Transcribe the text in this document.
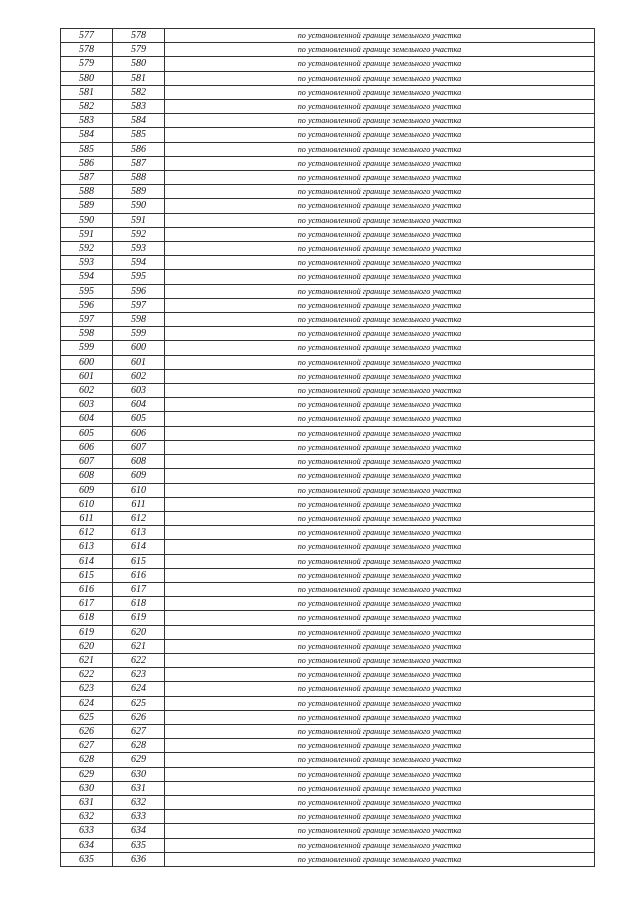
577	578	по установленной границе земельного участка
578	579	по установленной границе земельного участка
579	580	по установленной границе земельного участка
580	581	по установленной границе земельного участка
581	582	по установленной границе земельного участка
582	583	по установленной границе земельного участка
583	584	по установленной границе земельного участка
584	585	по установленной границе земельного участка
585	586	по установленной границе земельного участка
586	587	по установленной границе земельного участка
587	588	по установленной границе земельного участка
588	589	по установленной границе земельного участка
589	590	по установленной границе земельного участка
590	591	по установленной границе земельного участка
591	592	по установленной границе земельного участка
592	593	по установленной границе земельного участка
593	594	по установленной границе земельного участка
594	595	по установленной границе земельного участка
595	596	по установленной границе земельного участка
596	597	по установленной границе земельного участка
597	598	по установленной границе земельного участка
598	599	по установленной границе земельного участка
599	600	по установленной границе земельного участка
600	601	по установленной границе земельного участка
601	602	по установленной границе земельного участка
602	603	по установленной границе земельного участка
603	604	по установленной границе земельного участка
604	605	по установленной границе земельного участка
605	606	по установленной границе земельного участка
606	607	по установленной границе земельного участка
607	608	по установленной границе земельного участка
608	609	по установленной границе земельного участка
609	610	по установленной границе земельного участка
610	611	по установленной границе земельного участка
611	612	по установленной границе земельного участка
612	613	по установленной границе земельного участка
613	614	по установленной границе земельного участка
614	615	по установленной границе земельного участка
615	616	по установленной границе земельного участка
616	617	по установленной границе земельного участка
617	618	по установленной границе земельного участка
618	619	по установленной границе земельного участка
619	620	по установленной границе земельного участка
620	621	по установленной границе земельного участка
621	622	по установленной границе земельного участка
622	623	по установленной границе земельного участка
623	624	по установленной границе земельного участка
624	625	по установленной границе земельного участка
625	626	по установленной границе земельного участка
626	627	по установленной границе земельного участка
627	628	по установленной границе земельного участка
628	629	по установленной границе земельного участка
629	630	по установленной границе земельного участка
630	631	по установленной границе земельного участка
631	632	по установленной границе земельного участка
632	633	по установленной границе земельного участка
633	634	по установленной границе земельного участка
634	635	по установленной границе земельного участка
635	636	по установленной границе земельного участка
